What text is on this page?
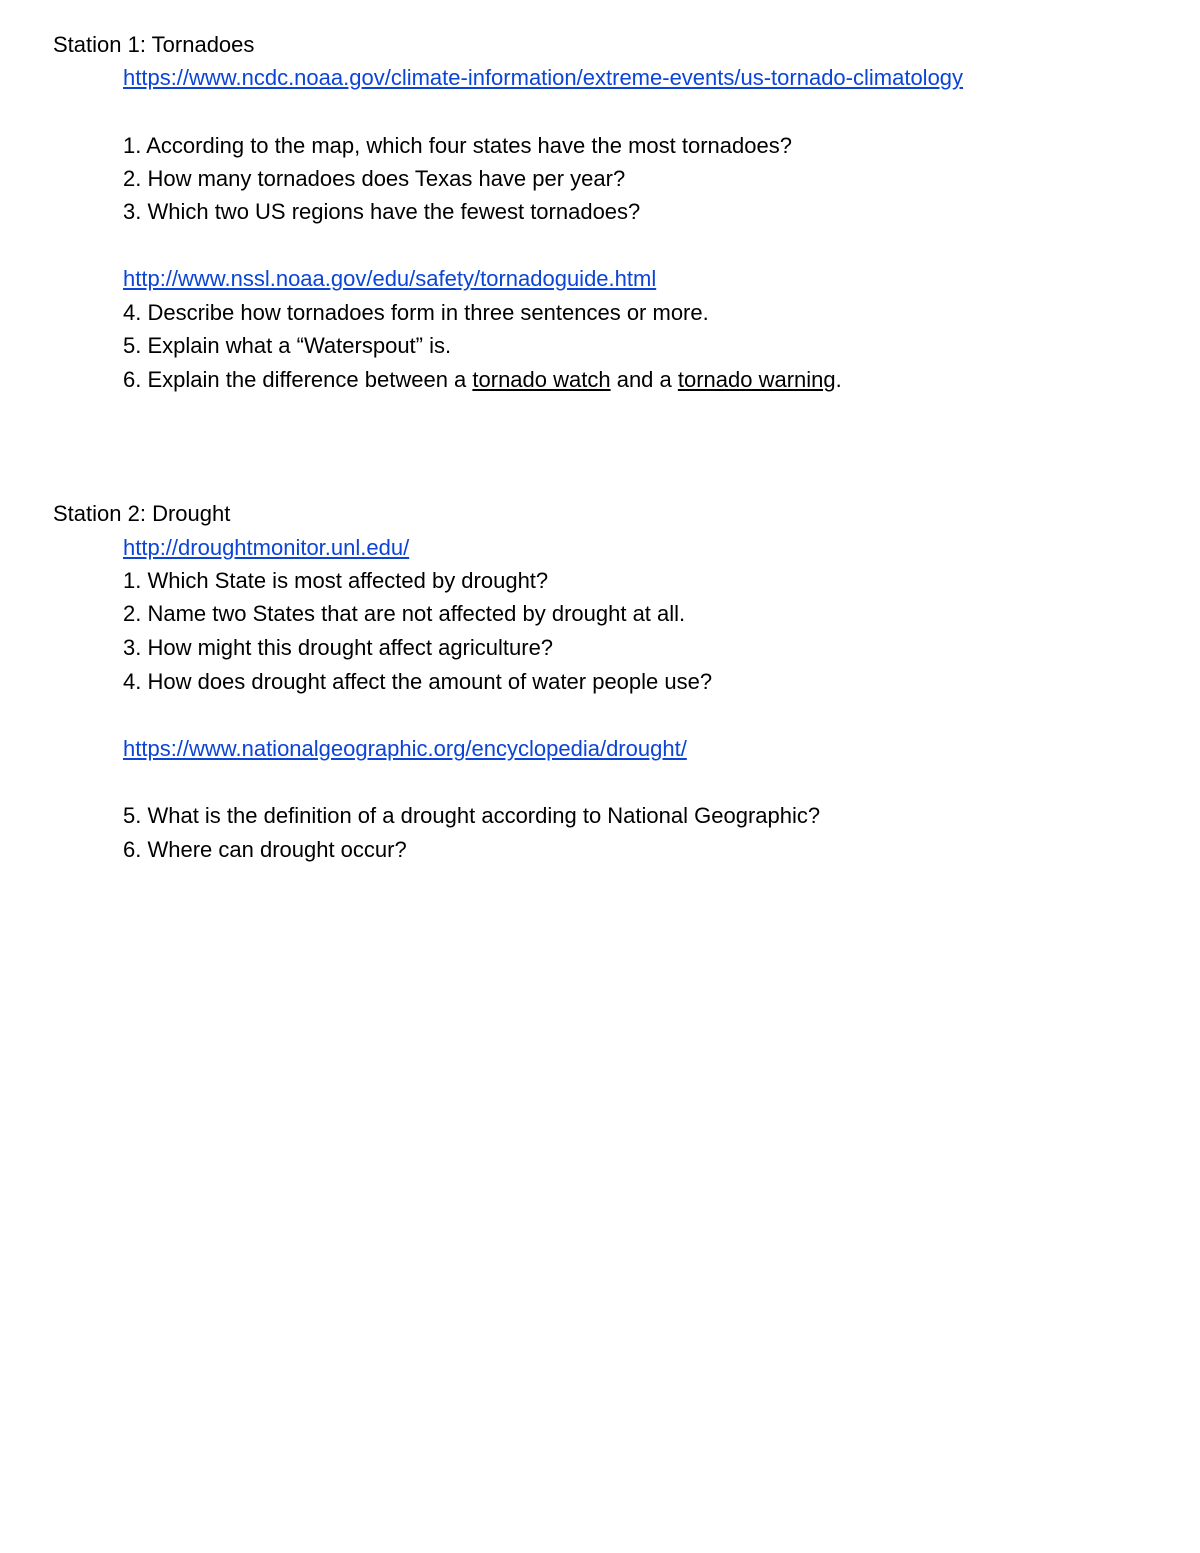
Station 1: Tornadoes
https://www.ncdc.noaa.gov/climate-information/extreme-events/us-tornado-climatology
1. According to the map, which four states have the most tornadoes?
2. How many tornadoes does Texas have per year?
3. Which two US regions have the fewest tornadoes?
http://www.nssl.noaa.gov/edu/safety/tornadoguide.html
4. Describe how tornadoes form in three sentences or more.
5. Explain what a “Waterspout” is.
6. Explain the difference between a tornado watch and a tornado warning.
Station 2: Drought
http://droughtmonitor.unl.edu/
1. Which State is most affected by drought?
2. Name two States that are not affected by drought at all.
3. How might this drought affect agriculture?
4. How does drought affect the amount of water people use?
https://www.nationalgeographic.org/encyclopedia/drought/
5. What is the definition of a drought according to National Geographic?
6. Where can drought occur?
